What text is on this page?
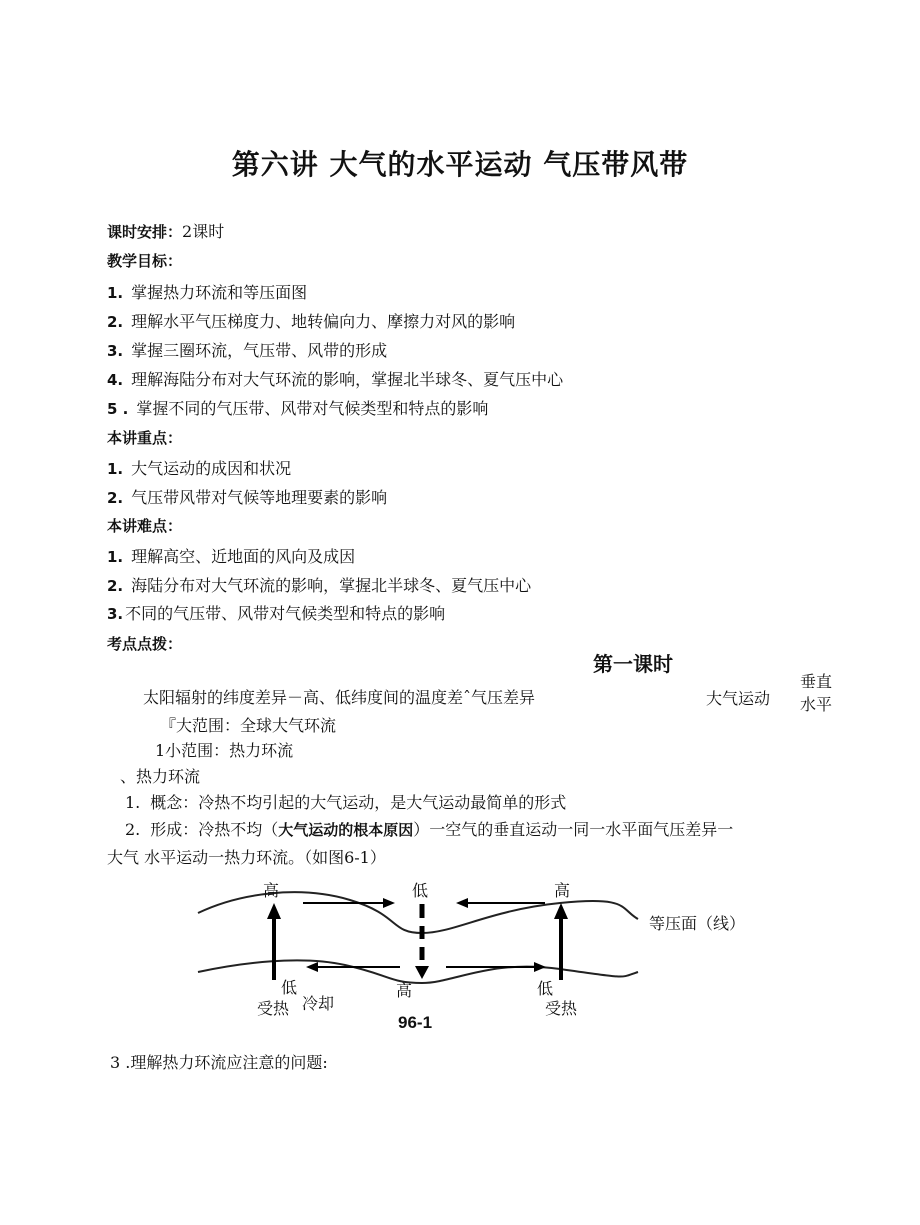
第六讲 大气的水平运动 气压带风带
课时安排：2课时
教学目标：
1. 掌握热力环流和等压面图
2. 理解水平气压梯度力、地转偏向力、摩擦力对风的影响
3. 掌握三圈环流，气压带、风带的形成
4. 理解海陆分布对大气环流的影响，掌握北半球冬、夏气压中心
5 . 掌握不同的气压带、风带对气候类型和特点的影响
本讲重点：
1. 大气运动的成因和状况
2. 气压带风带对气候等地理要素的影响
本讲难点：
1. 理解高空、近地面的风向及成因
2. 海陆分布对大气环流的影响，掌握北半球冬、夏气压中心
3. 不同的气压带、风带对气候类型和特点的影响
考点点拨：
第一课时
垂直
水平
太阳辐射的纬度差异－高、低纬度间的温度差ˆ气压差异	大气运动
『大范围：全球大气环流
1小范围：热力环流
、热力环流
1. 概念：冷热不均引起的大气运动，是大气运动最简单的形式
2. 形成：冷热不均（大气运动的根本原因）一空气的垂直运动一同一水平面气压差异一
大气 水平运动一热力环流。（如图6-1）
高	低	高
等压面（线）
低
受热 冷却
高	低
受热
96-1
3 .理解热力环流应注意的问题:
